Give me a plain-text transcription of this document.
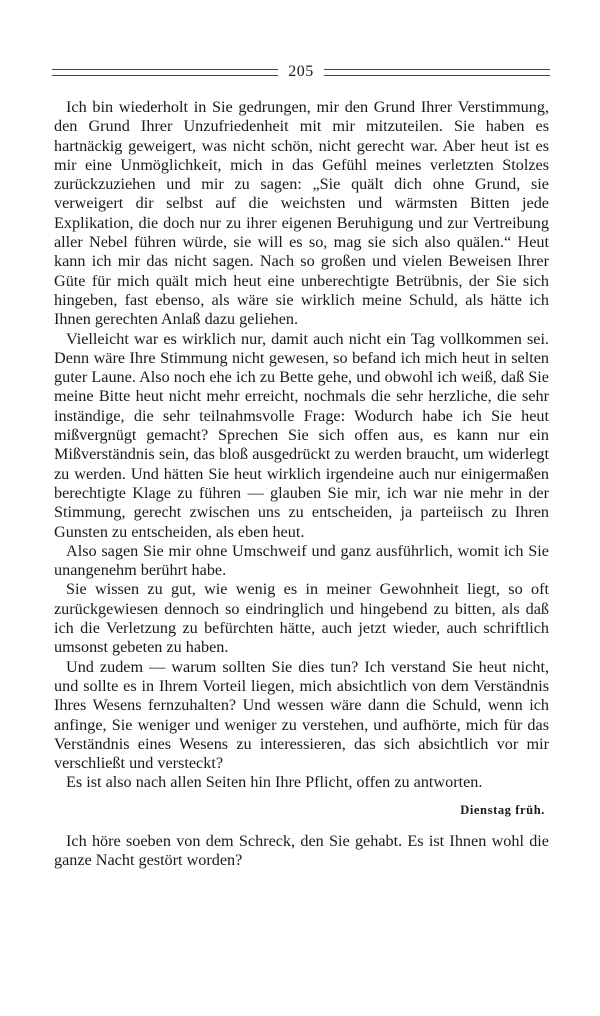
205

Ich bin wiederholt in Sie gedrungen, mir den Grund Ihrer Verstimmung, den Grund Ihrer Unzufriedenheit mit mir mitzuteilen. Sie haben es hartnäckig geweigert, was nicht schön, nicht gerecht war. Aber heut ist es mir eine Unmöglichkeit, mich in das Gefühl meines verletzten Stolzes zurückzuziehen und mir zu sagen: „Sie quält dich ohne Grund, sie verweigert dir selbst auf die weichsten und wärmsten Bitten jede Explikation, die doch nur zu ihrer eigenen Beruhigung und zur Vertreibung aller Nebel führen würde, sie will es so, mag sie sich also quälen.“ Heut kann ich mir das nicht sagen. Nach so großen und vielen Beweisen Ihrer Güte für mich quält mich heut eine unberechtigte Betrübnis, der Sie sich hingeben, fast ebenso, als wäre sie wirklich meine Schuld, als hätte ich Ihnen gerechten Anlaß dazu geliehen.

Vielleicht war es wirklich nur, damit auch nicht ein Tag vollkommen sei. Denn wäre Ihre Stimmung nicht gewesen, so befand ich mich heut in selten guter Laune. Also noch ehe ich zu Bette gehe, und obwohl ich weiß, daß Sie meine Bitte heut nicht mehr erreicht, nochmals die sehr herzliche, die sehr inständige, die sehr teilnahmsvolle Frage: Wodurch habe ich Sie heut mißvergnügt gemacht? Sprechen Sie sich offen aus, es kann nur ein Mißverständnis sein, das bloß ausgedrückt zu werden braucht, um widerlegt zu werden. Und hätten Sie heut wirklich irgendeine auch nur einigermaßen berechtigte Klage zu führen — glauben Sie mir, ich war nie mehr in der Stimmung, gerecht zwischen uns zu entscheiden, ja parteiisch zu Ihren Gunsten zu entscheiden, als eben heut.

Also sagen Sie mir ohne Umschweif und ganz ausführlich, womit ich Sie unangenehm berührt habe.

Sie wissen zu gut, wie wenig es in meiner Gewohnheit liegt, so oft zurückgewiesen dennoch so eindringlich und hingebend zu bitten, als daß ich die Verletzung zu befürchten hätte, auch jetzt wieder, auch schriftlich umsonst gebeten zu haben.

Und zudem — warum sollten Sie dies tun? Ich verstand Sie heut nicht, und sollte es in Ihrem Vorteil liegen, mich absichtlich von dem Verständnis Ihres Wesens fernzuhalten? Und wessen wäre dann die Schuld, wenn ich anfinge, Sie weniger und weniger zu verstehen, und aufhörte, mich für das Verständnis eines Wesens zu interessieren, das sich absichtlich vor mir verschließt und versteckt?

Es ist also nach allen Seiten hin Ihre Pflicht, offen zu antworten.

Dienstag früh.

Ich höre soeben von dem Schreck, den Sie gehabt. Es ist Ihnen wohl die ganze Nacht gestört worden?
